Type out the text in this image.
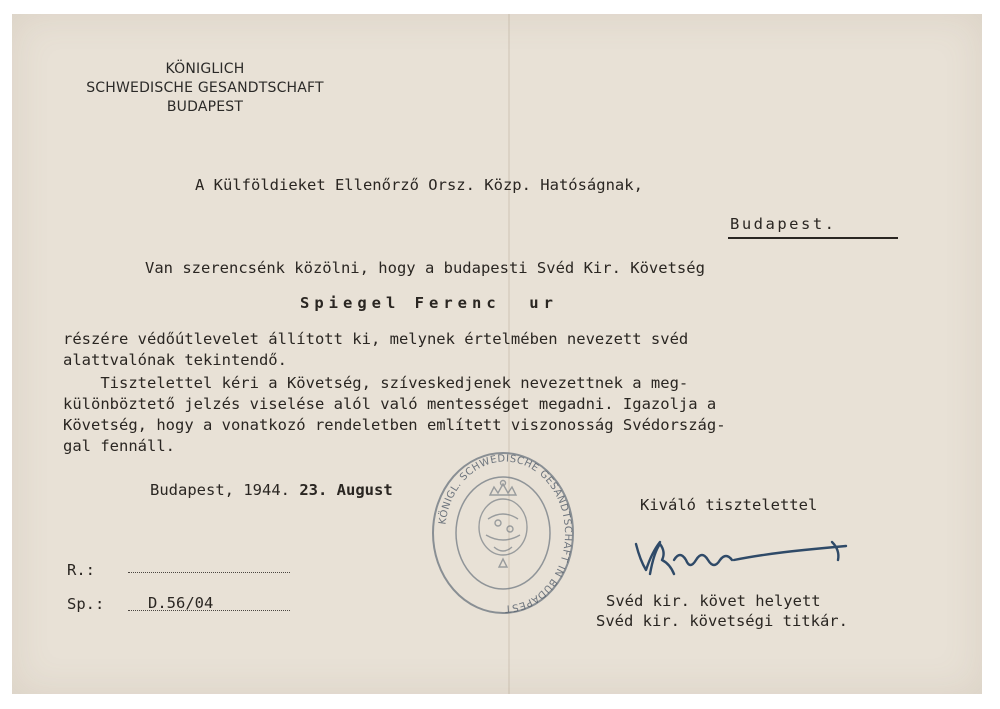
KÖNIGLICH
SCHWEDISCHE GESANDTSCHAFT
BUDAPEST
A Külföldieket Ellenőrző Orsz. Közp. Hatóságnak,
Budapest.
Van szerencsénk közölni, hogy a budapesti Svéd Kir. Követség
Spiegel Ferenc  ur
részére védőútlevelet állított ki, melynek értelmében nevezett svéd
alattvalónak tekintendő.
Tisztelettel kéri a Követség, szíveskedjenek nevezettnek a meg-
különböztető jelzés viselése alól való mentességet megadni. Igazolja a
Követség, hogy a vonatkozó rendeletben említett viszonosság Svédország-
gal fennáll.
Budapest, 1944. 23. August
Kiváló tisztelettel
R.:
Sp.:	D.56/04	Svéd kir. követ helyett
Svéd kir. követségi titkár.
KÖNIGL. SCHWEDISCHE GESANDTSCHAFT IN BUDAPEST
